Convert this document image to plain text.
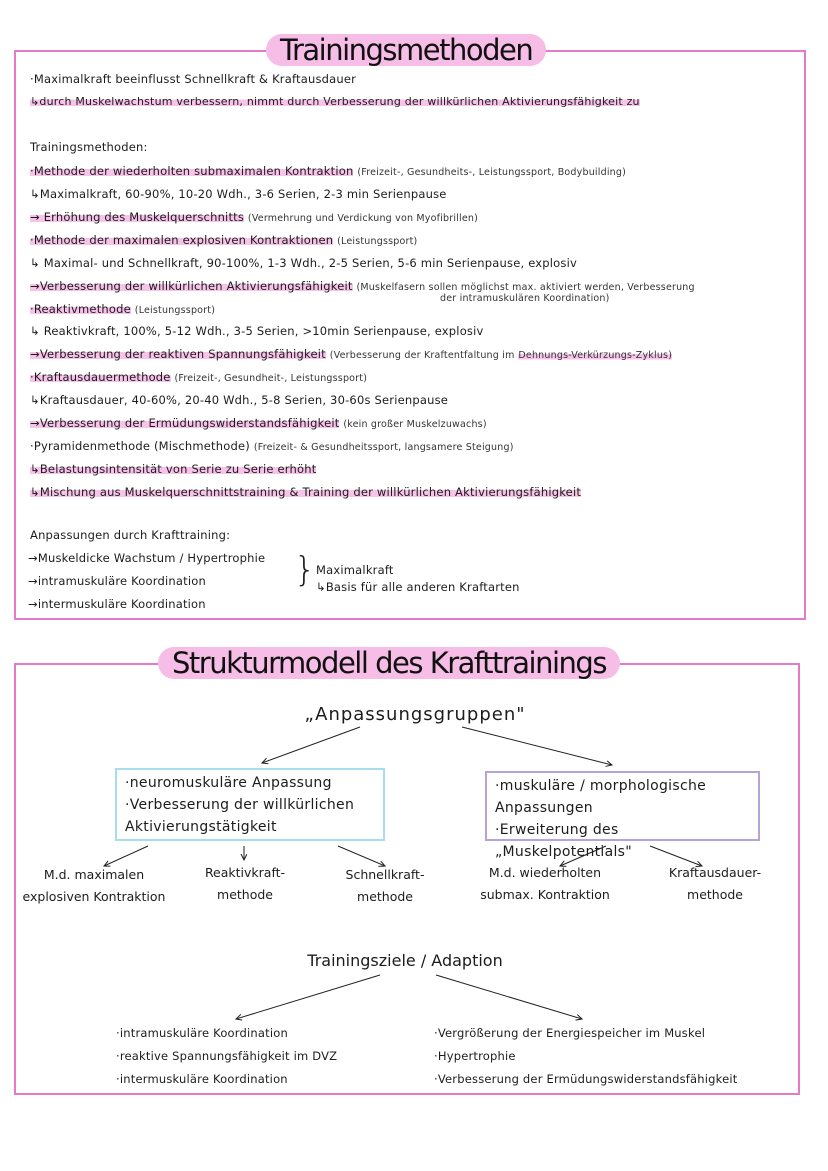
Trainingsmethoden
·Maximalkraft beeinflusst Schnellkraft & Kraftausdauer
↳durch Muskelwachstum verbessern, nimmt durch Verbesserung der willkürlichen Aktivierungsfähigkeit zu
Trainingsmethoden:
·Methode der wiederholten submaximalen Kontraktion (Freizeit-, Gesundheits-, Leistungssport, Bodybuilding)
↳Maximalkraft, 60-90%, 10-20 Wdh., 3-6 Serien, 2-3 min Serienpause
→ Erhöhung des Muskelquerschnitts (Vermehrung und Verdickung von Myofibrillen)
·Methode der maximalen explosiven Kontraktionen (Leistungssport)
↳ Maximal- und Schnellkraft, 90-100%, 1-3 Wdh., 2-5 Serien, 5-6 min Serienpause, explosiv
→Verbesserung der willkürlichen Aktivierungsfähigkeit (Muskelfasern sollen möglichst max. aktiviert werden, Verbesserung
der intramuskulären Koordination)
·Reaktivmethode (Leistungssport)
↳ Reaktivkraft, 100%, 5-12 Wdh., 3-5 Serien, >10min Serienpause, explosiv
→Verbesserung der reaktiven Spannungsfähigkeit (Verbesserung der Kraftentfaltung im Dehnungs-Verkürzungs-Zyklus)
·Kraftausdauermethode (Freizeit-, Gesundheit-, Leistungssport)
↳Kraftausdauer, 40-60%, 20-40 Wdh., 5-8 Serien, 30-60s Serienpause
→Verbesserung der Ermüdungswiderstandsfähigkeit (kein großer Muskelzuwachs)
·Pyramidenmethode (Mischmethode) (Freizeit- & Gesundheitssport, langsamere Steigung)
↳Belastungsintensität von Serie zu Serie erhöht
↳Mischung aus Muskelquerschnittstraining & Training der willkürlichen Aktivierungsfähigkeit
Anpassungen durch Krafttraining:
→Muskeldicke Wachstum / Hypertrophie
→intramuskuläre Koordination
→intermuskuläre Koordination
} Maximalkraft
↳Basis für alle anderen Kraftarten
Strukturmodell des Krafttrainings
„Anpassungsgruppen"
·neuromuskuläre Anpassung
·Verbesserung der willkürlichen
Aktivierungstätigkeit
·muskuläre / morphologische
Anpassungen
·Erweiterung des „Muskelpotentials"
M.d. maximalen
explosiven Kontraktion
Reaktivkraft-
methode
Schnellkraft-
methode
M.d. wiederholten
submax. Kontraktion
Kraftausdauer-
methode
Trainingsziele / Adaption
·intramuskuläre Koordination
·reaktive Spannungsfähigkeit im DVZ
·intermuskuläre Koordination
·Vergrößerung der Energiespeicher im Muskel
·Hypertrophie
·Verbesserung der Ermüdungswiderstandsfähigkeit
